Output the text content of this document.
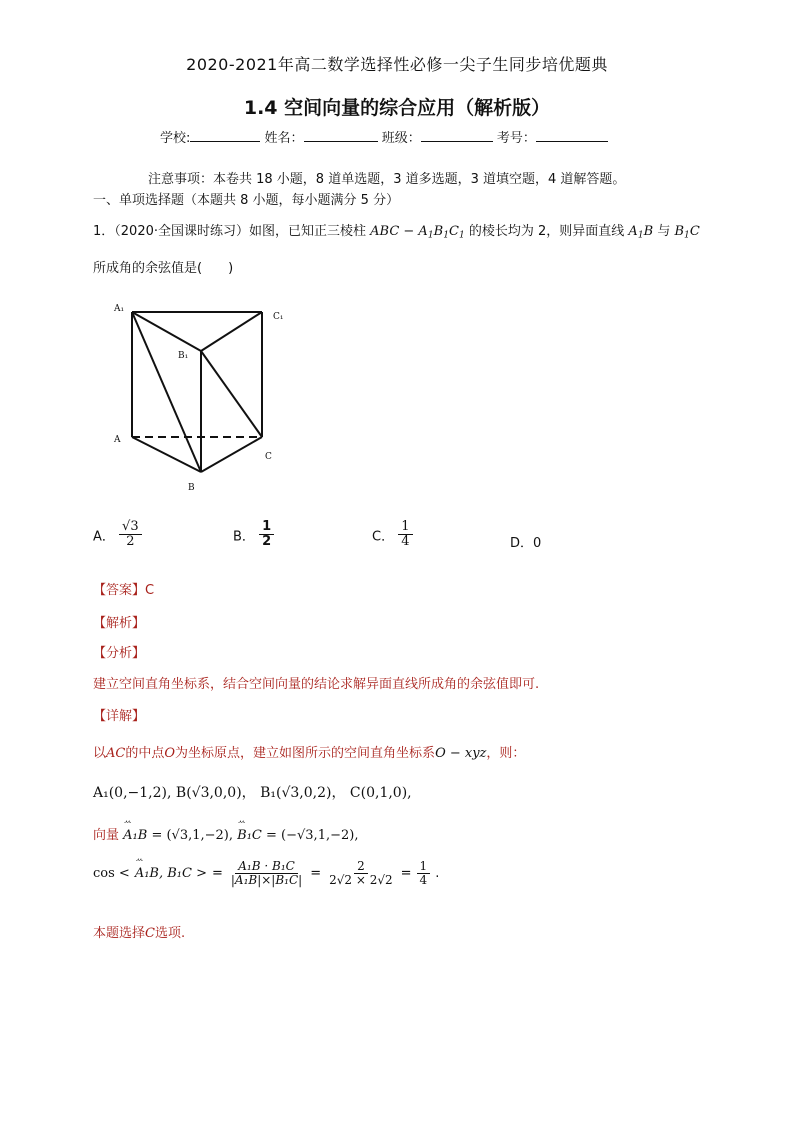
2020-2021年高二数学选择性必修一尖子生同步培优题典
1.4 空间向量的综合应用（解析版）
学校:	姓名：	班级：	考号：
注意事项：本卷共 18 小题，8 道单选题，3 道多选题，3 道填空题，4 道解答题。
一、单项选择题（本题共 8 小题，每小题满分 5 分）
1．（2020·全国课时练习）如图，已知正三棱柱 ABC − $A_1B_1C_1$ 的棱长均为 2，则异面直线 $A_1B$ 与 $B_1C$
所成角的余弦值是(　　)
A₁
C₁
B₁
A
C
B
A． $\frac{√3}{2}$	B． $\frac{1}{2}$	C． $\frac{1}{4}$	D．0
【答案】C
【解析】
【分析】
建立空间直角坐标系，结合空间向量的结论求解异面直线所成角的余弦值即可.
【详解】
以AC的中点O为坐标原点，建立如图所示的空间直角坐标系O − xyz，则：
A₁(0,−1,2), B(√3,0,0)， B₁(√3,0,2)， C(0,1,0),
向量 ꕀ A₁B = (√3,1,−2), ꕀ B₁C = (−√3,1,−2),
cos < ꕀ A₁B, B₁C > = $\frac{\text{A₁B · B₁C}}{\text{|A₁B|×|B₁C|}} = \frac{2}{2√2 \times 2√2} = \frac{1}{4}$ .
本题选择C选项.
